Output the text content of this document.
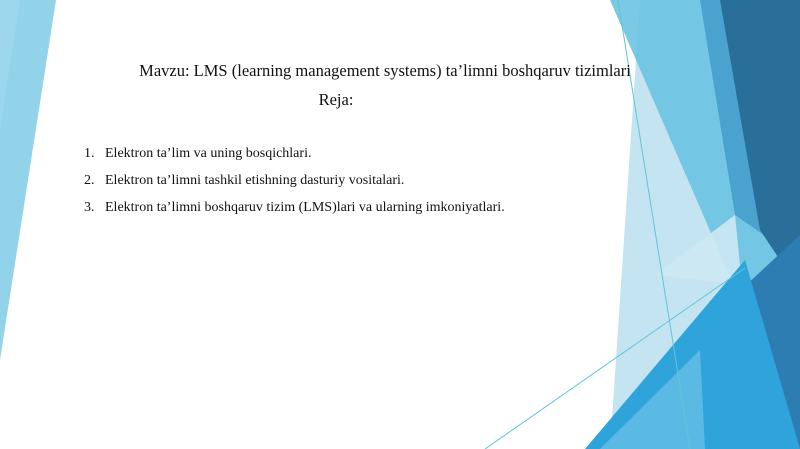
Mavzu: LMS (learning management systems) ta’limni boshqaruv tizimlari
Reja:
1. Elektron ta’lim va uning bosqichlari.
2. Elektron ta’limni tashkil etishning dasturiy vositalari.
3. Elektron ta’limni boshqaruv tizim (LMS)lari va ularning imkoniyatlari.
